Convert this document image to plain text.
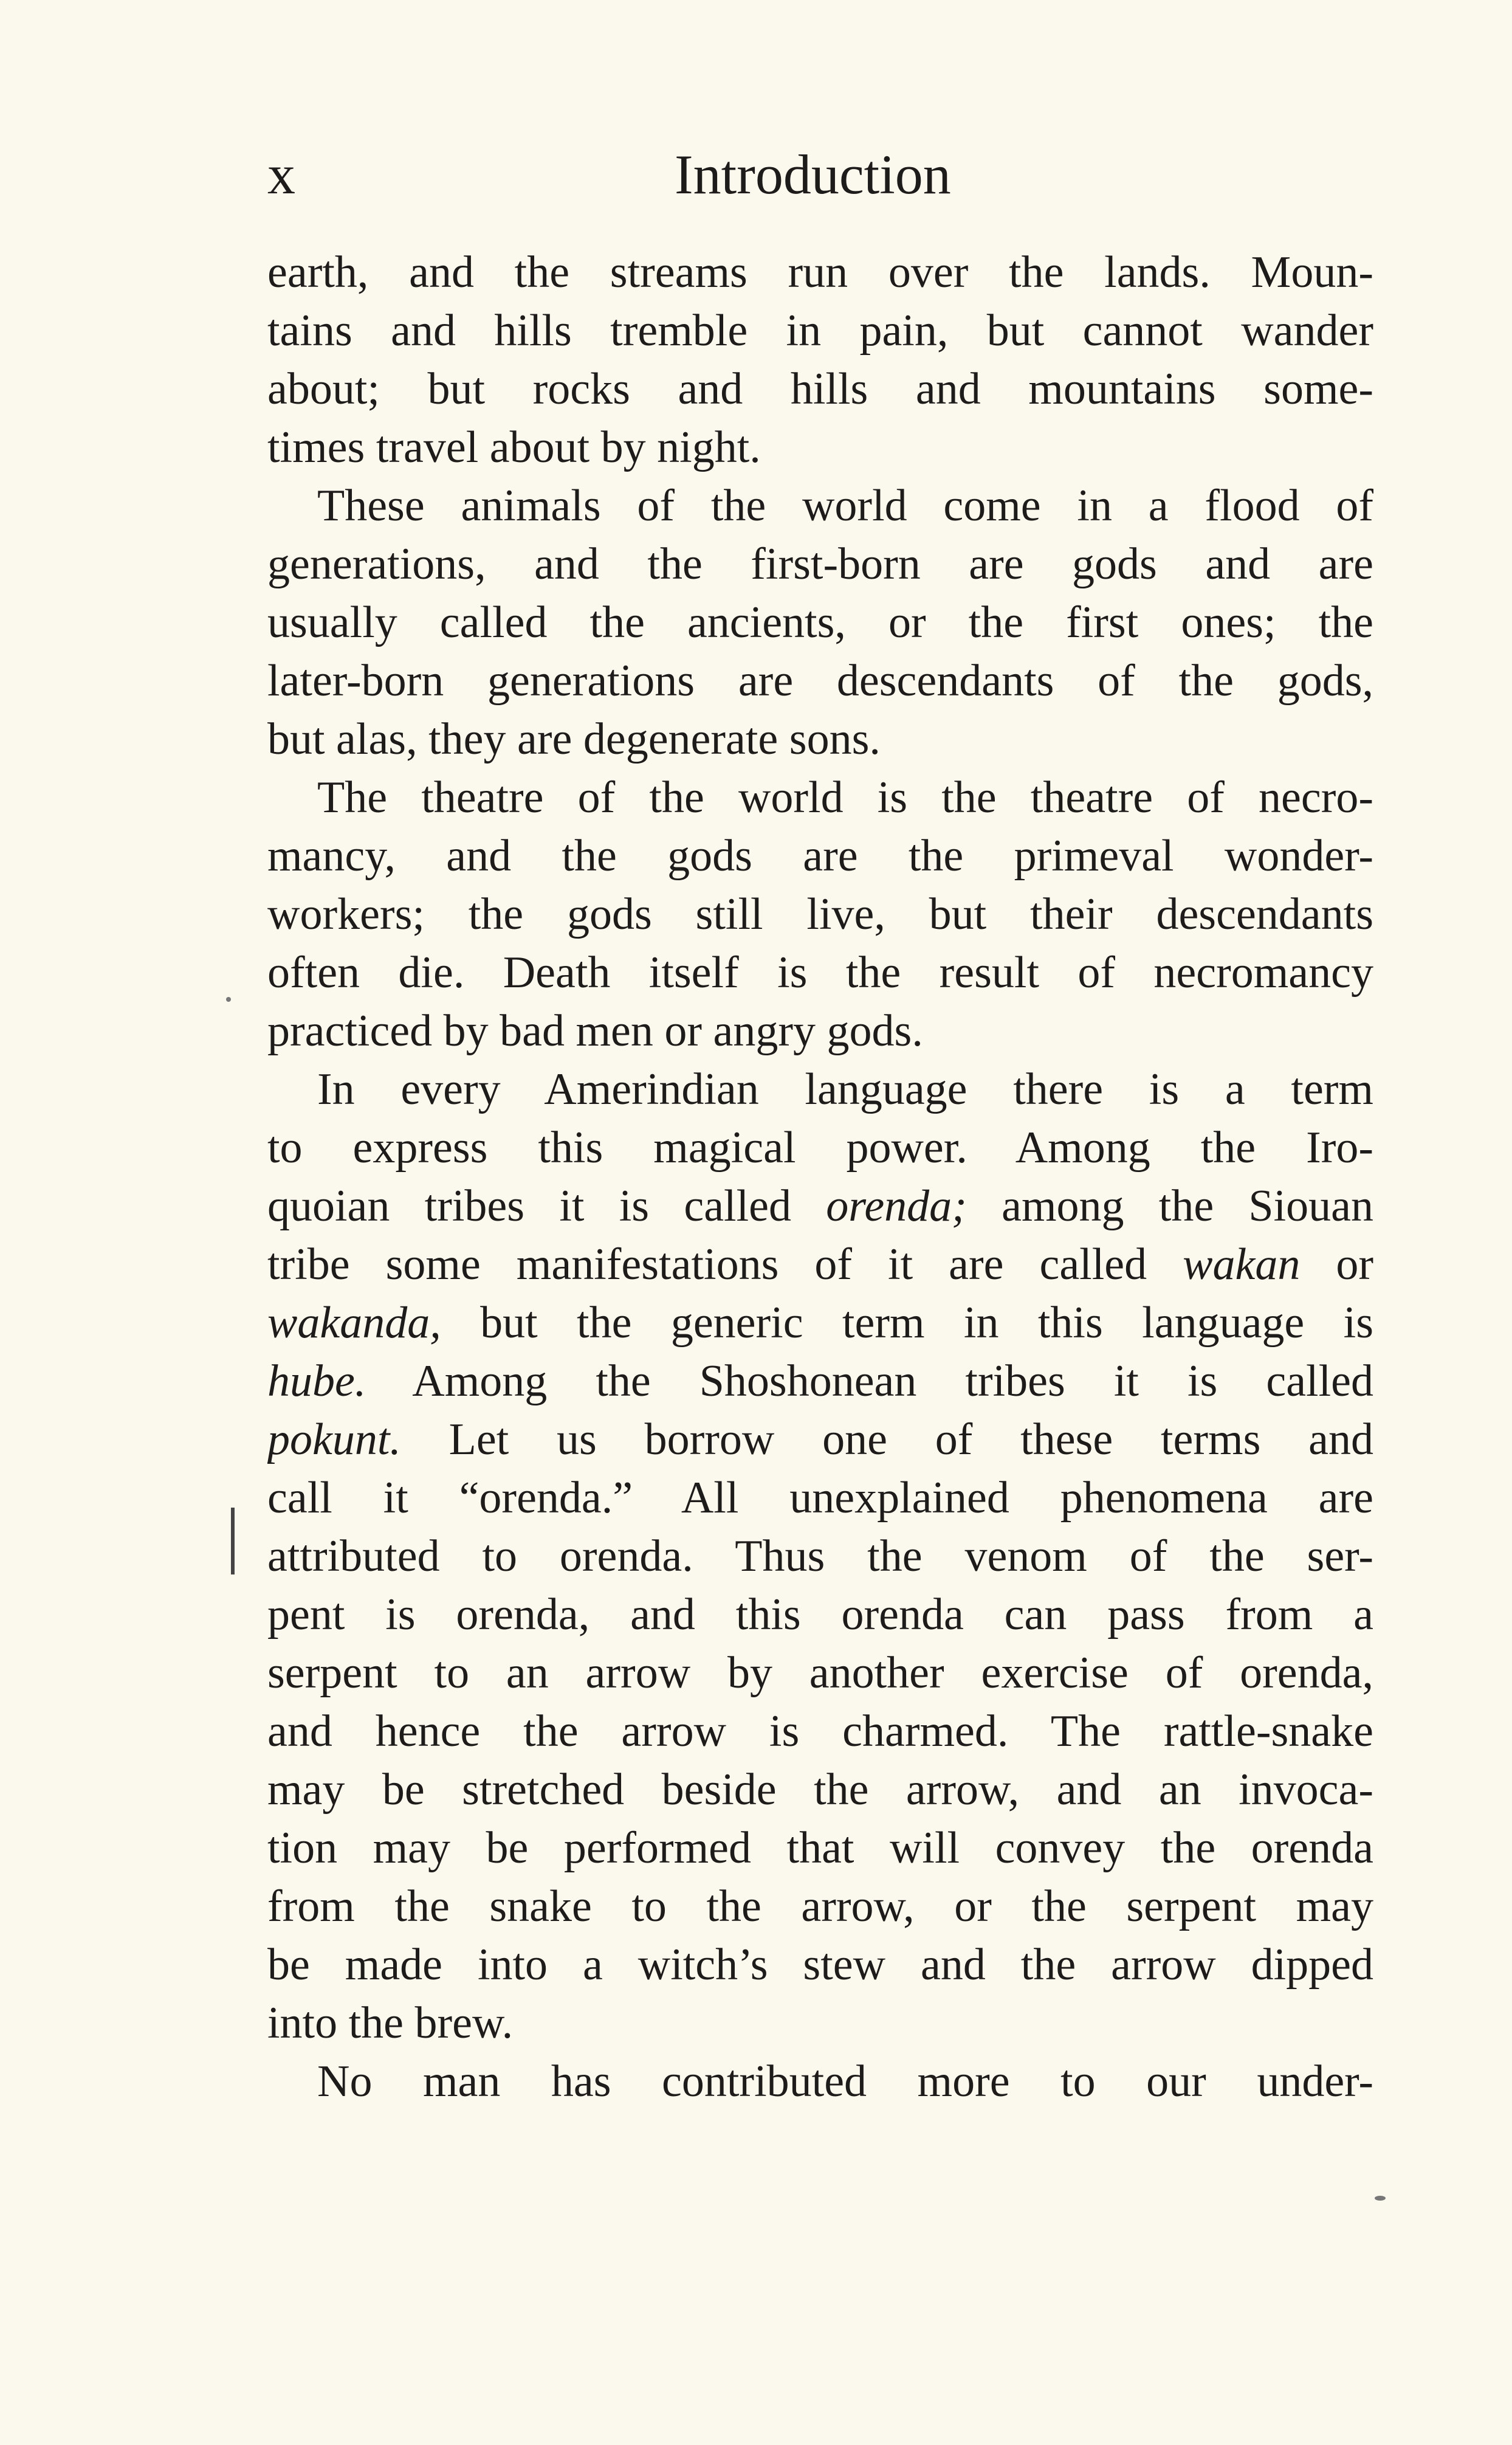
x	Introduction
earth, and the streams run over the lands. Moun-
tains and hills tremble in pain, but cannot wander
about; but rocks and hills and mountains some-
times travel about by night.
These animals of the world come in a flood of
generations, and the first-born are gods and are
usually called the ancients, or the first ones; the
later-born generations are descendants of the gods,
but alas, they are degenerate sons.
The theatre of the world is the theatre of necro-
mancy, and the gods are the primeval wonder-
workers; the gods still live, but their descendants
often die. Death itself is the result of necromancy
practiced by bad men or angry gods.
In every Amerindian language there is a term
to express this magical power. Among the Iro-
quoian tribes it is called orenda; among the Siouan
tribe some manifestations of it are called wakan or
wakanda, but the generic term in this language is
hube. Among the Shoshonean tribes it is called
pokunt. Let us borrow one of these terms and
call it “orenda.” All unexplained phenomena are
attributed to orenda. Thus the venom of the ser-
pent is orenda, and this orenda can pass from a
serpent to an arrow by another exercise of orenda,
and hence the arrow is charmed. The rattle-snake
may be stretched beside the arrow, and an invoca-
tion may be performed that will convey the orenda
from the snake to the arrow, or the serpent may
be made into a witch’s stew and the arrow dipped
into the brew.
No man has contributed more to our under-
